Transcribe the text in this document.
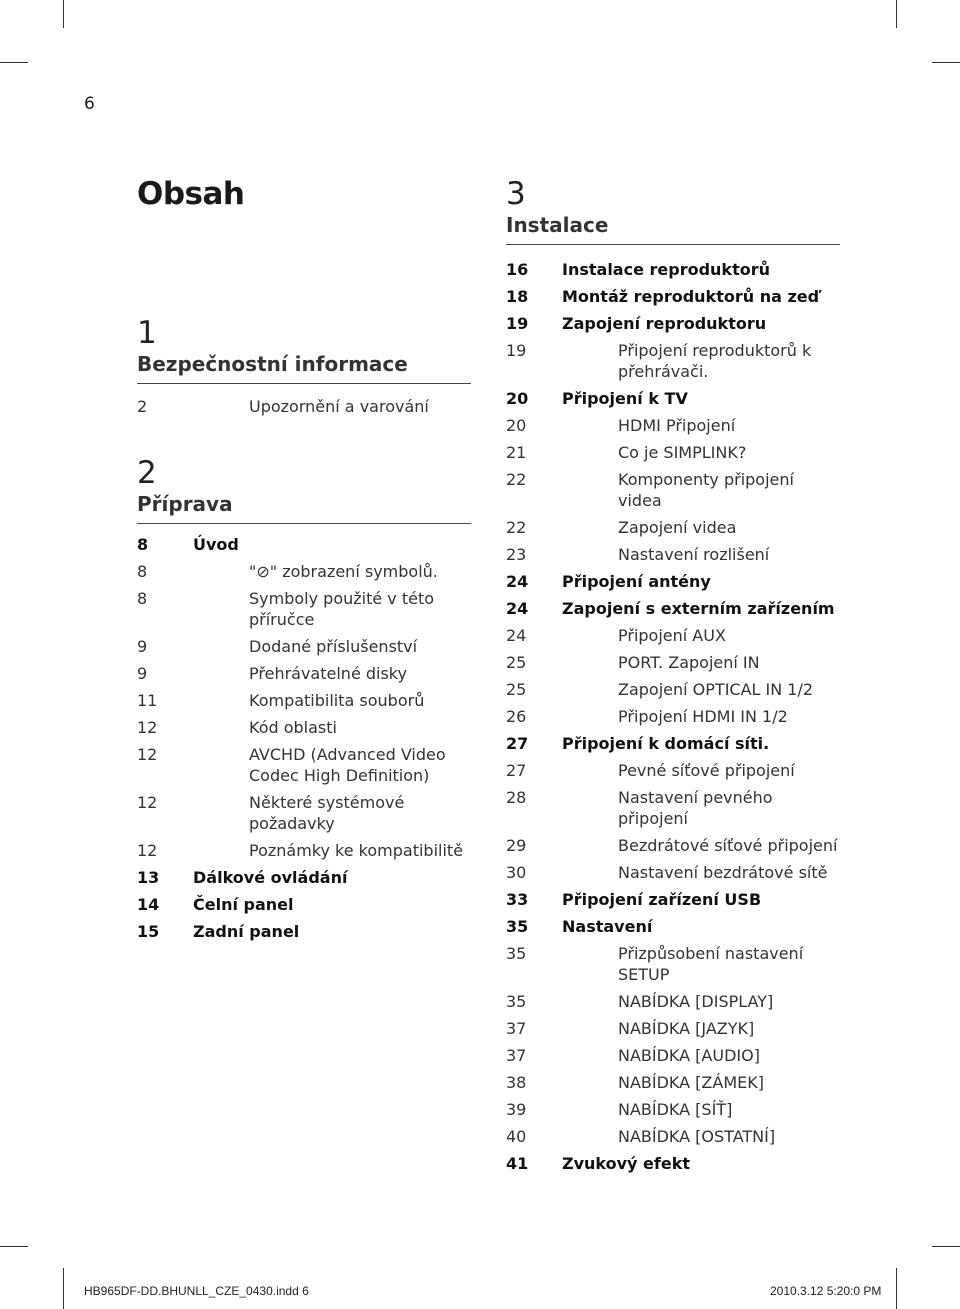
6
Obsah
1
Bezpečnostní informace
2	Upozornění a varování
2
Příprava
8	Úvod
8	"⊘" zobrazení symbolů.
8	Symboly použité v této příručce
9	Dodané příslušenství
9	Přehrávatelné disky
11	Kompatibilita souborů
12	Kód oblasti
12	AVCHD (Advanced Video Codec High Definition)
12	Některé systémové požadavky
12	Poznámky ke kompatibilitě
13	Dálkové ovládání
14	Čelní panel
15	Zadní panel
3
Instalace
16	Instalace reproduktorů
18	Montáž reproduktorů na zeď
19	Zapojení reproduktoru
19	Připojení reproduktorů k přehrávači.
20	Připojení k TV
20	HDMI Připojení
21	Co je SIMPLINK?
22	Komponenty připojení videa
22	Zapojení videa
23	Nastavení rozlišení
24	Připojení antény
24	Zapojení s externím zařízením
24	Připojení AUX
25	PORT. Zapojení IN
25	Zapojení OPTICAL IN 1/2
26	Připojení HDMI IN 1/2
27	Připojení k domácí síti.
27	Pevné síťové připojení
28	Nastavení pevného připojení
29	Bezdrátové síťové připojení
30	Nastavení bezdrátové sítě
33	Připojení zařízení USB
35	Nastavení
35	Přizpůsobení nastavení SETUP
35	NABÍDKA [DISPLAY]
37	NABÍDKA [JAZYK]
37	NABÍDKA [AUDIO]
38	NABÍDKA [ZÁMEK]
39	NABÍDKA [SÍŤ]
40	NABÍDKA [OSTATNÍ]
41	Zvukový efekt
HB965DF-DD.BHUNLL_CZE_0430.indd 6	2010.3.12 5:20:0 PM
